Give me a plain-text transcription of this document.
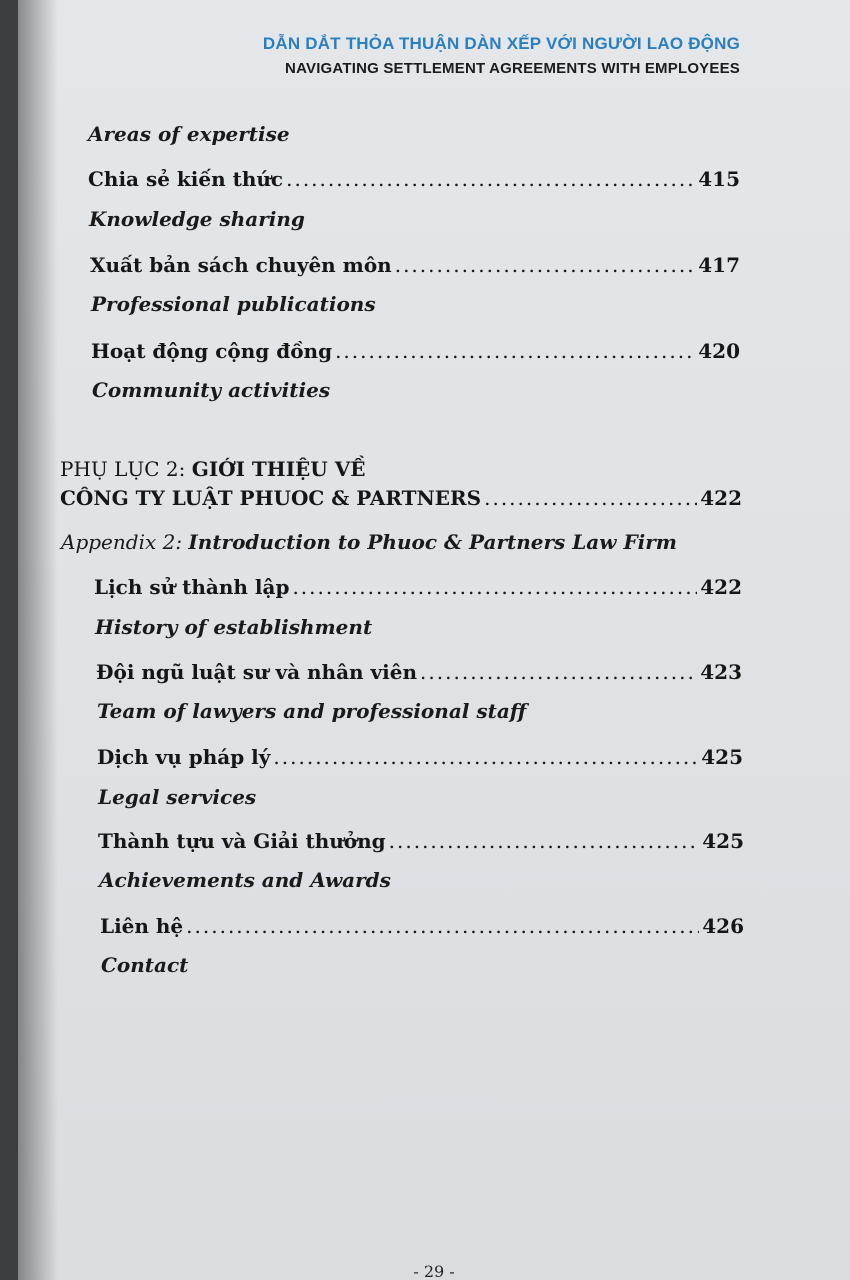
DẪN DẮT THỎA THUẬN DÀN XẾP VỚI NGƯỜI LAO ĐỘNG
NAVIGATING SETTLEMENT AGREEMENTS WITH EMPLOYEES
Areas of expertise
Chia sẻ kiến thức .....	415
Knowledge sharing
Xuất bản sách chuyên môn .....	417
Professional publications
Hoạt động cộng đồng .....	420
Community activities
PHỤ LỤC 2: GIỚI THIỆU VỀ
CÔNG TY LUẬT PHUOC & PARTNERS .....	422
Appendix 2: Introduction to Phuoc & Partners Law Firm
Lịch sử thành lập .....	422
History of establishment
Đội ngũ luật sư và nhân viên .....	423
Team of lawyers and professional staff
Dịch vụ pháp lý .....	425
Legal services
Thành tựu và Giải thưởng .....	425
Achievements and Awards
Liên hệ .....	426
Contact
- 29 -
